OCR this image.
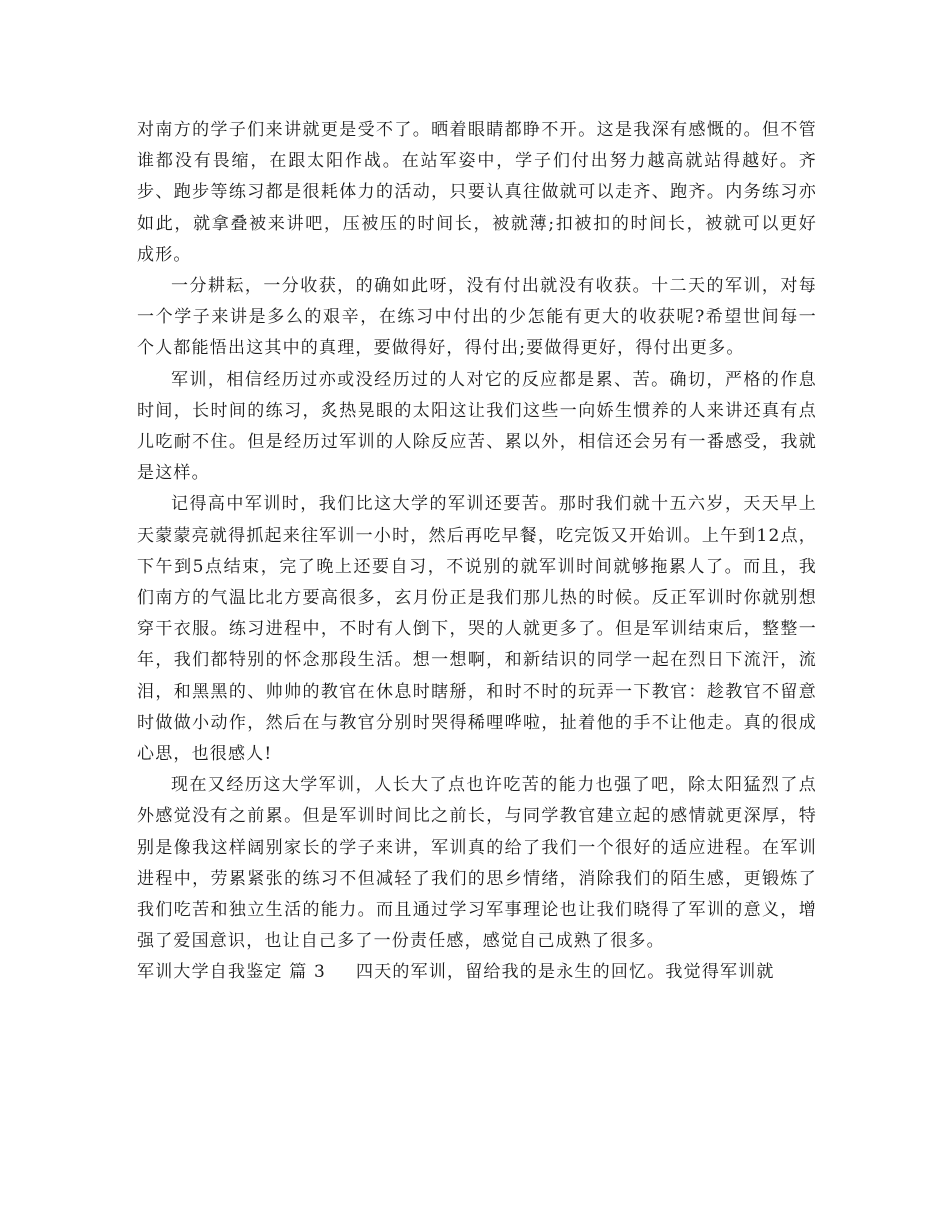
对南方的学子们来讲就更是受不了。晒着眼睛都睁不开。这是我深有感慨的。但不管谁都没有畏缩，在跟太阳作战。在站军姿中，学子们付出努力越高就站得越好。齐步、跑步等练习都是很耗体力的活动，只要认真往做就可以走齐、跑齐。内务练习亦如此，就拿叠被来讲吧，压被压的时间长，被就薄;扣被扣的时间长，被就可以更好成形。

一分耕耘，一分收获，的确如此呀，没有付出就没有收获。十二天的军训，对每一个学子来讲是多么的艰辛，在练习中付出的少怎能有更大的收获呢?希望世间每一个人都能悟出这其中的真理，要做得好，得付出;要做得更好，得付出更多。

军训，相信经历过亦或没经历过的人对它的反应都是累、苦。确切，严格的作息时间，长时间的练习，炙热晃眼的太阳这让我们这些一向娇生惯养的人来讲还真有点儿吃耐不住。但是经历过军训的人除反应苦、累以外，相信还会另有一番感受，我就是这样。

记得高中军训时，我们比这大学的军训还要苦。那时我们就十五六岁，天天早上天蒙蒙亮就得抓起来往军训一小时，然后再吃早餐，吃完饭又开始训。上午到12点，下午到5点结束，完了晚上还要自习，不说别的就军训时间就够拖累人了。而且，我们南方的气温比北方要高很多，玄月份正是我们那儿热的时候。反正军训时你就别想穿干衣服。练习进程中，不时有人倒下，哭的人就更多了。但是军训结束后，整整一年，我们都特别的怀念那段生活。想一想啊，和新结识的同学一起在烈日下流汗，流泪，和黑黑的、帅帅的教官在休息时瞎掰，和时不时的玩弄一下教官：趁教官不留意时做做小动作，然后在与教官分别时哭得稀哩哗啦，扯着他的手不让他走。真的很成心思，也很感人!

现在又经历这大学军训，人长大了点也许吃苦的能力也强了吧，除太阳猛烈了点外感觉没有之前累。但是军训时间比之前长，与同学教官建立起的感情就更深厚，特别是像我这样阔别家长的学子来讲，军训真的给了我们一个很好的适应进程。在军训进程中，劳累紧张的练习不但减轻了我们的思乡情绪，消除我们的陌生感，更锻炼了我们吃苦和独立生活的能力。而且通过学习军事理论也让我们晓得了军训的意义，增强了爱国意识，也让自己多了一份责任感，感觉自己成熟了很多。

军训大学自我鉴定 篇 3 四天的军训，留给我的是永生的回忆。我觉得军训就
